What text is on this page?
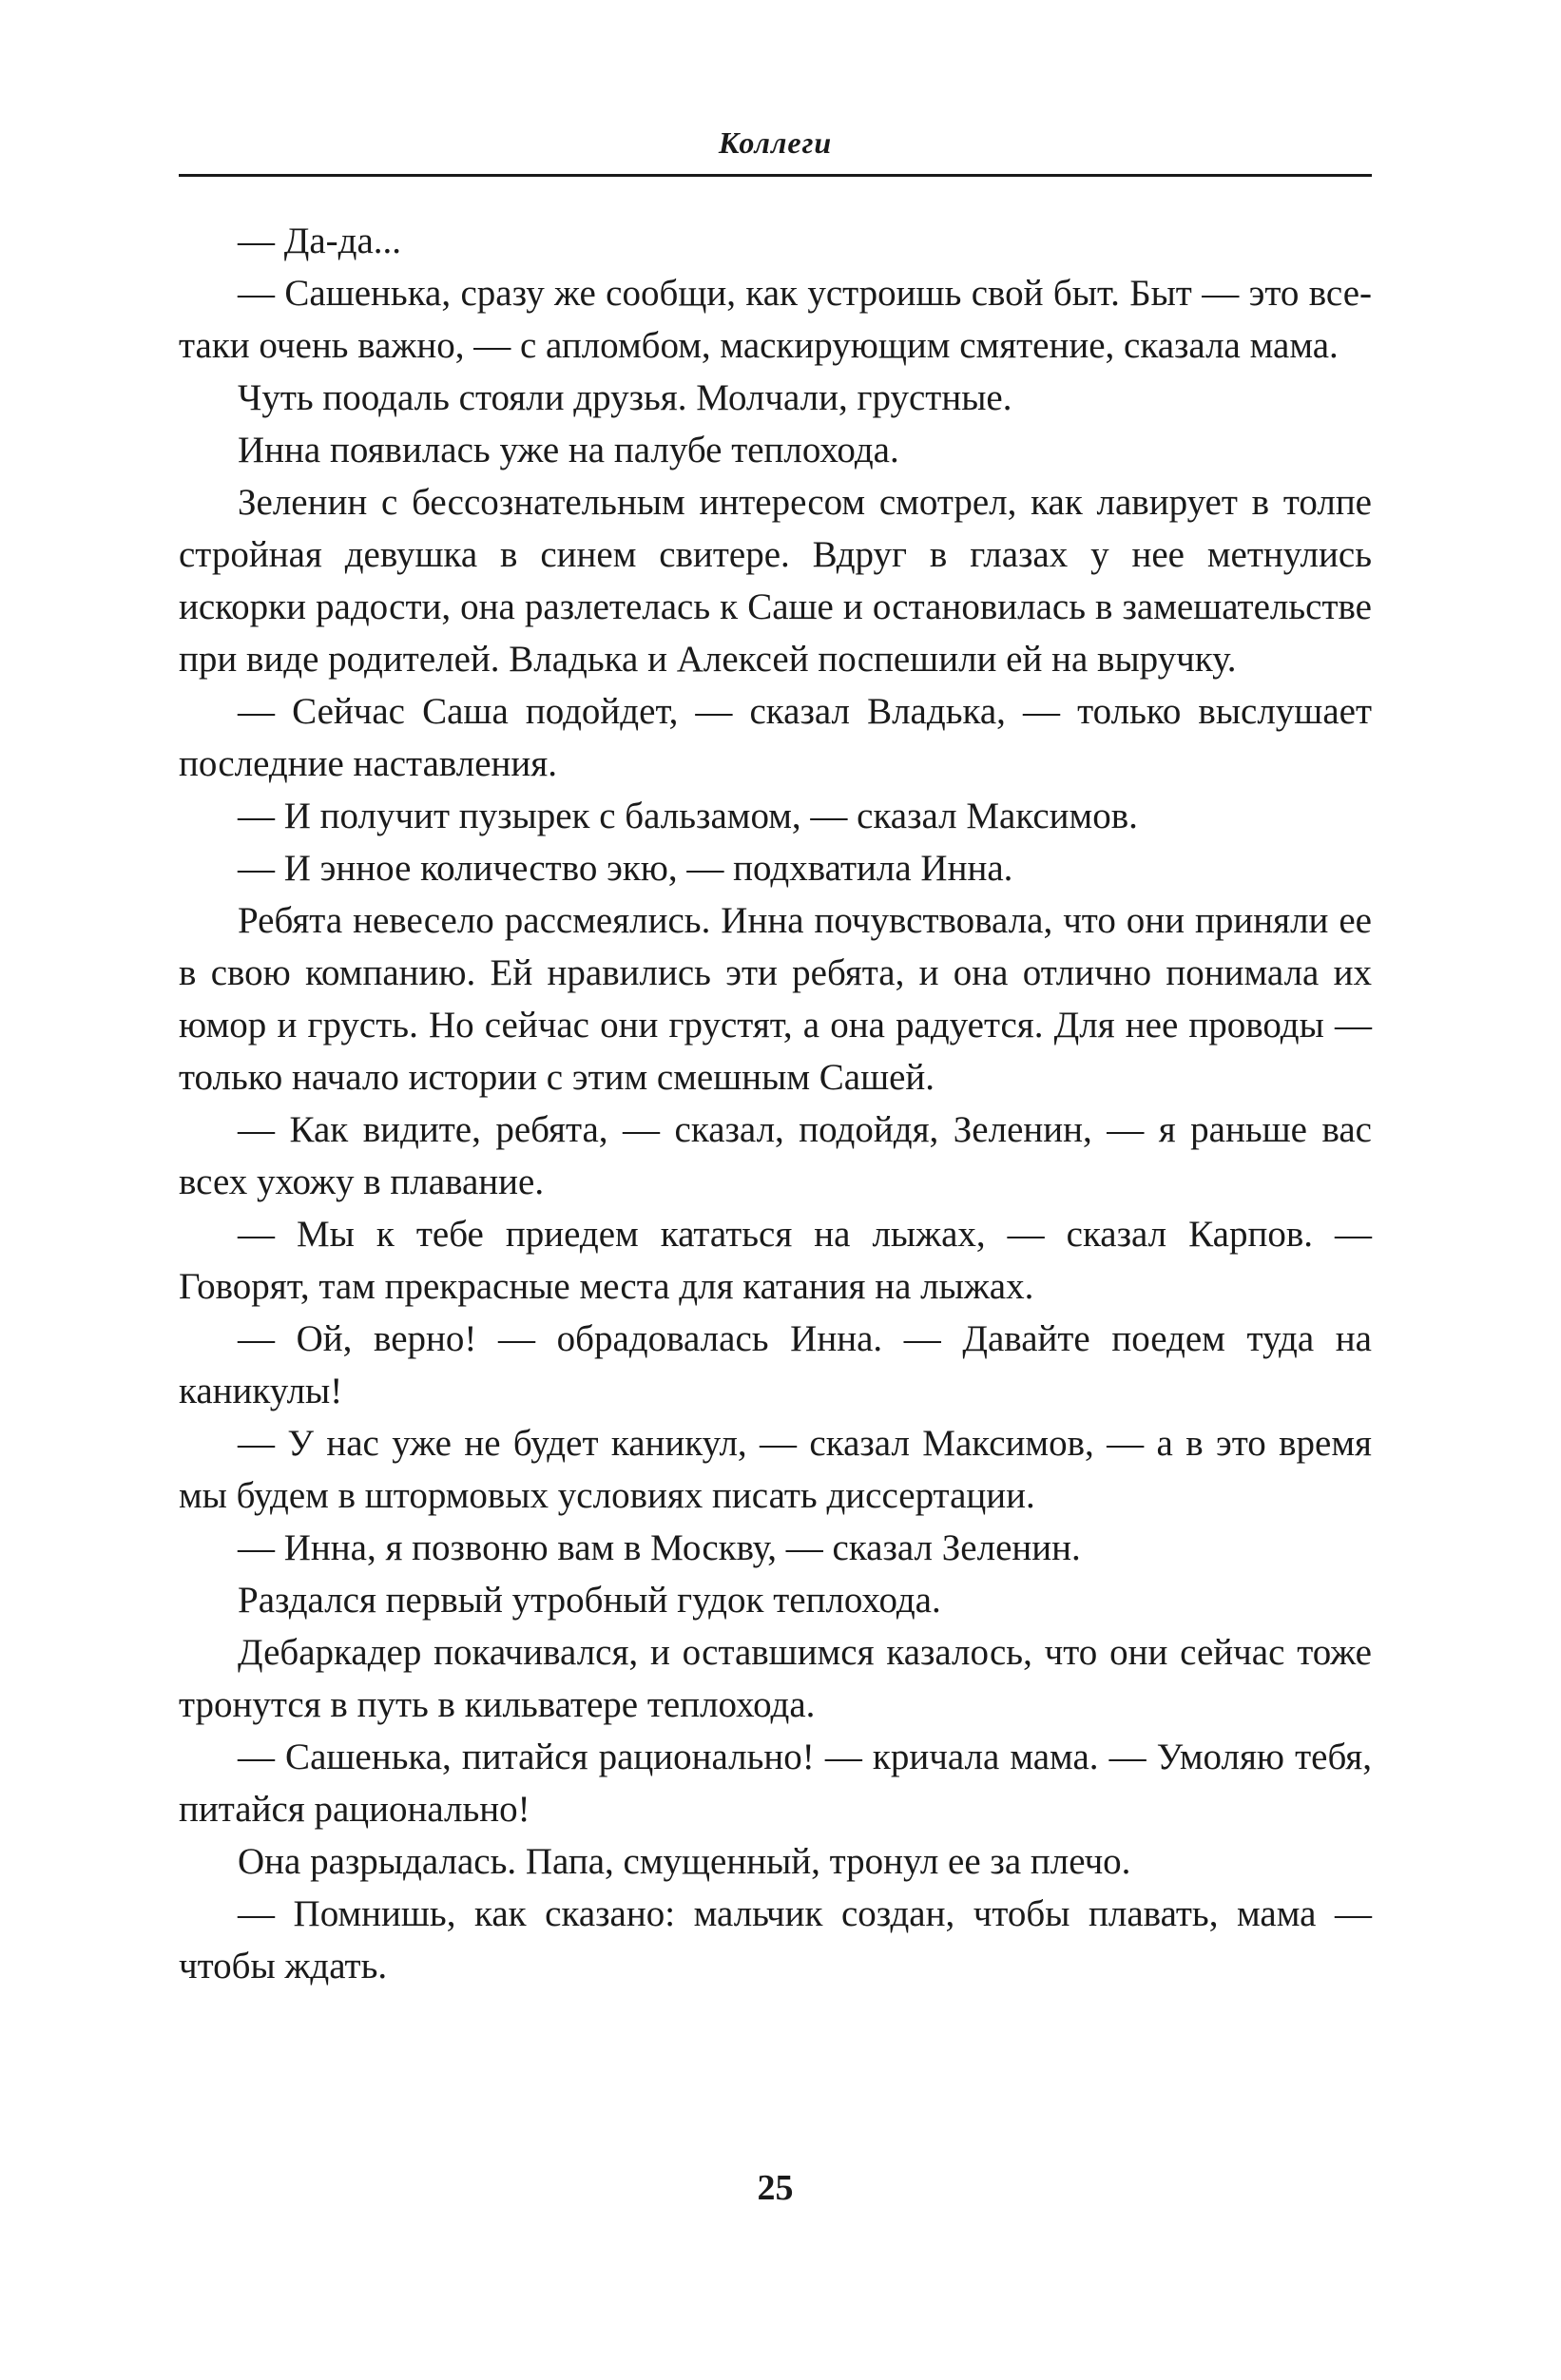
Коллеги

— Да-да...

— Сашенька, сразу же сообщи, как устроишь свой быт. Быт — это все-таки очень важно, — с апломбом, маскирующим смятение, сказала мама.

Чуть поодаль стояли друзья. Молчали, грустные.

Инна появилась уже на палубе теплохода.

Зеленин с бессознательным интересом смотрел, как лавирует в толпе стройная девушка в синем свитере. Вдруг в глазах у нее метнулись искорки радости, она разлетелась к Саше и остановилась в замешательстве при виде родителей. Владька и Алексей поспешили ей на выручку.

— Сейчас Саша подойдет, — сказал Владька, — только выслушает последние наставления.

— И получит пузырек с бальзамом, — сказал Максимов.

— И энное количество экю, — подхватила Инна.

Ребята невесело рассмеялись. Инна почувствовала, что они приняли ее в свою компанию. Ей нравились эти ребята, и она отлично понимала их юмор и грусть. Но сейчас они грустят, а она радуется. Для нее проводы — только начало истории с этим смешным Сашей.

— Как видите, ребята, — сказал, подойдя, Зеленин, — я раньше вас всех ухожу в плавание.

— Мы к тебе приедем кататься на лыжах, — сказал Карпов. — Говорят, там прекрасные места для катания на лыжах.

— Ой, верно! — обрадовалась Инна. — Давайте поедем туда на каникулы!

— У нас уже не будет каникул, — сказал Максимов, — а в это время мы будем в штормовых условиях писать диссертации.

— Инна, я позвоню вам в Москву, — сказал Зеленин.

Раздался первый утробный гудок теплохода.

Дебаркадер покачивался, и оставшимся казалось, что они сейчас тоже тронутся в путь в кильватере теплохода.

— Сашенька, питайся рационально! — кричала мама. — Умоляю тебя, питайся рационально!

Она разрыдалась. Папа, смущенный, тронул ее за плечо.

— Помнишь, как сказано: мальчик создан, чтобы плавать, мама — чтобы ждать.

25
